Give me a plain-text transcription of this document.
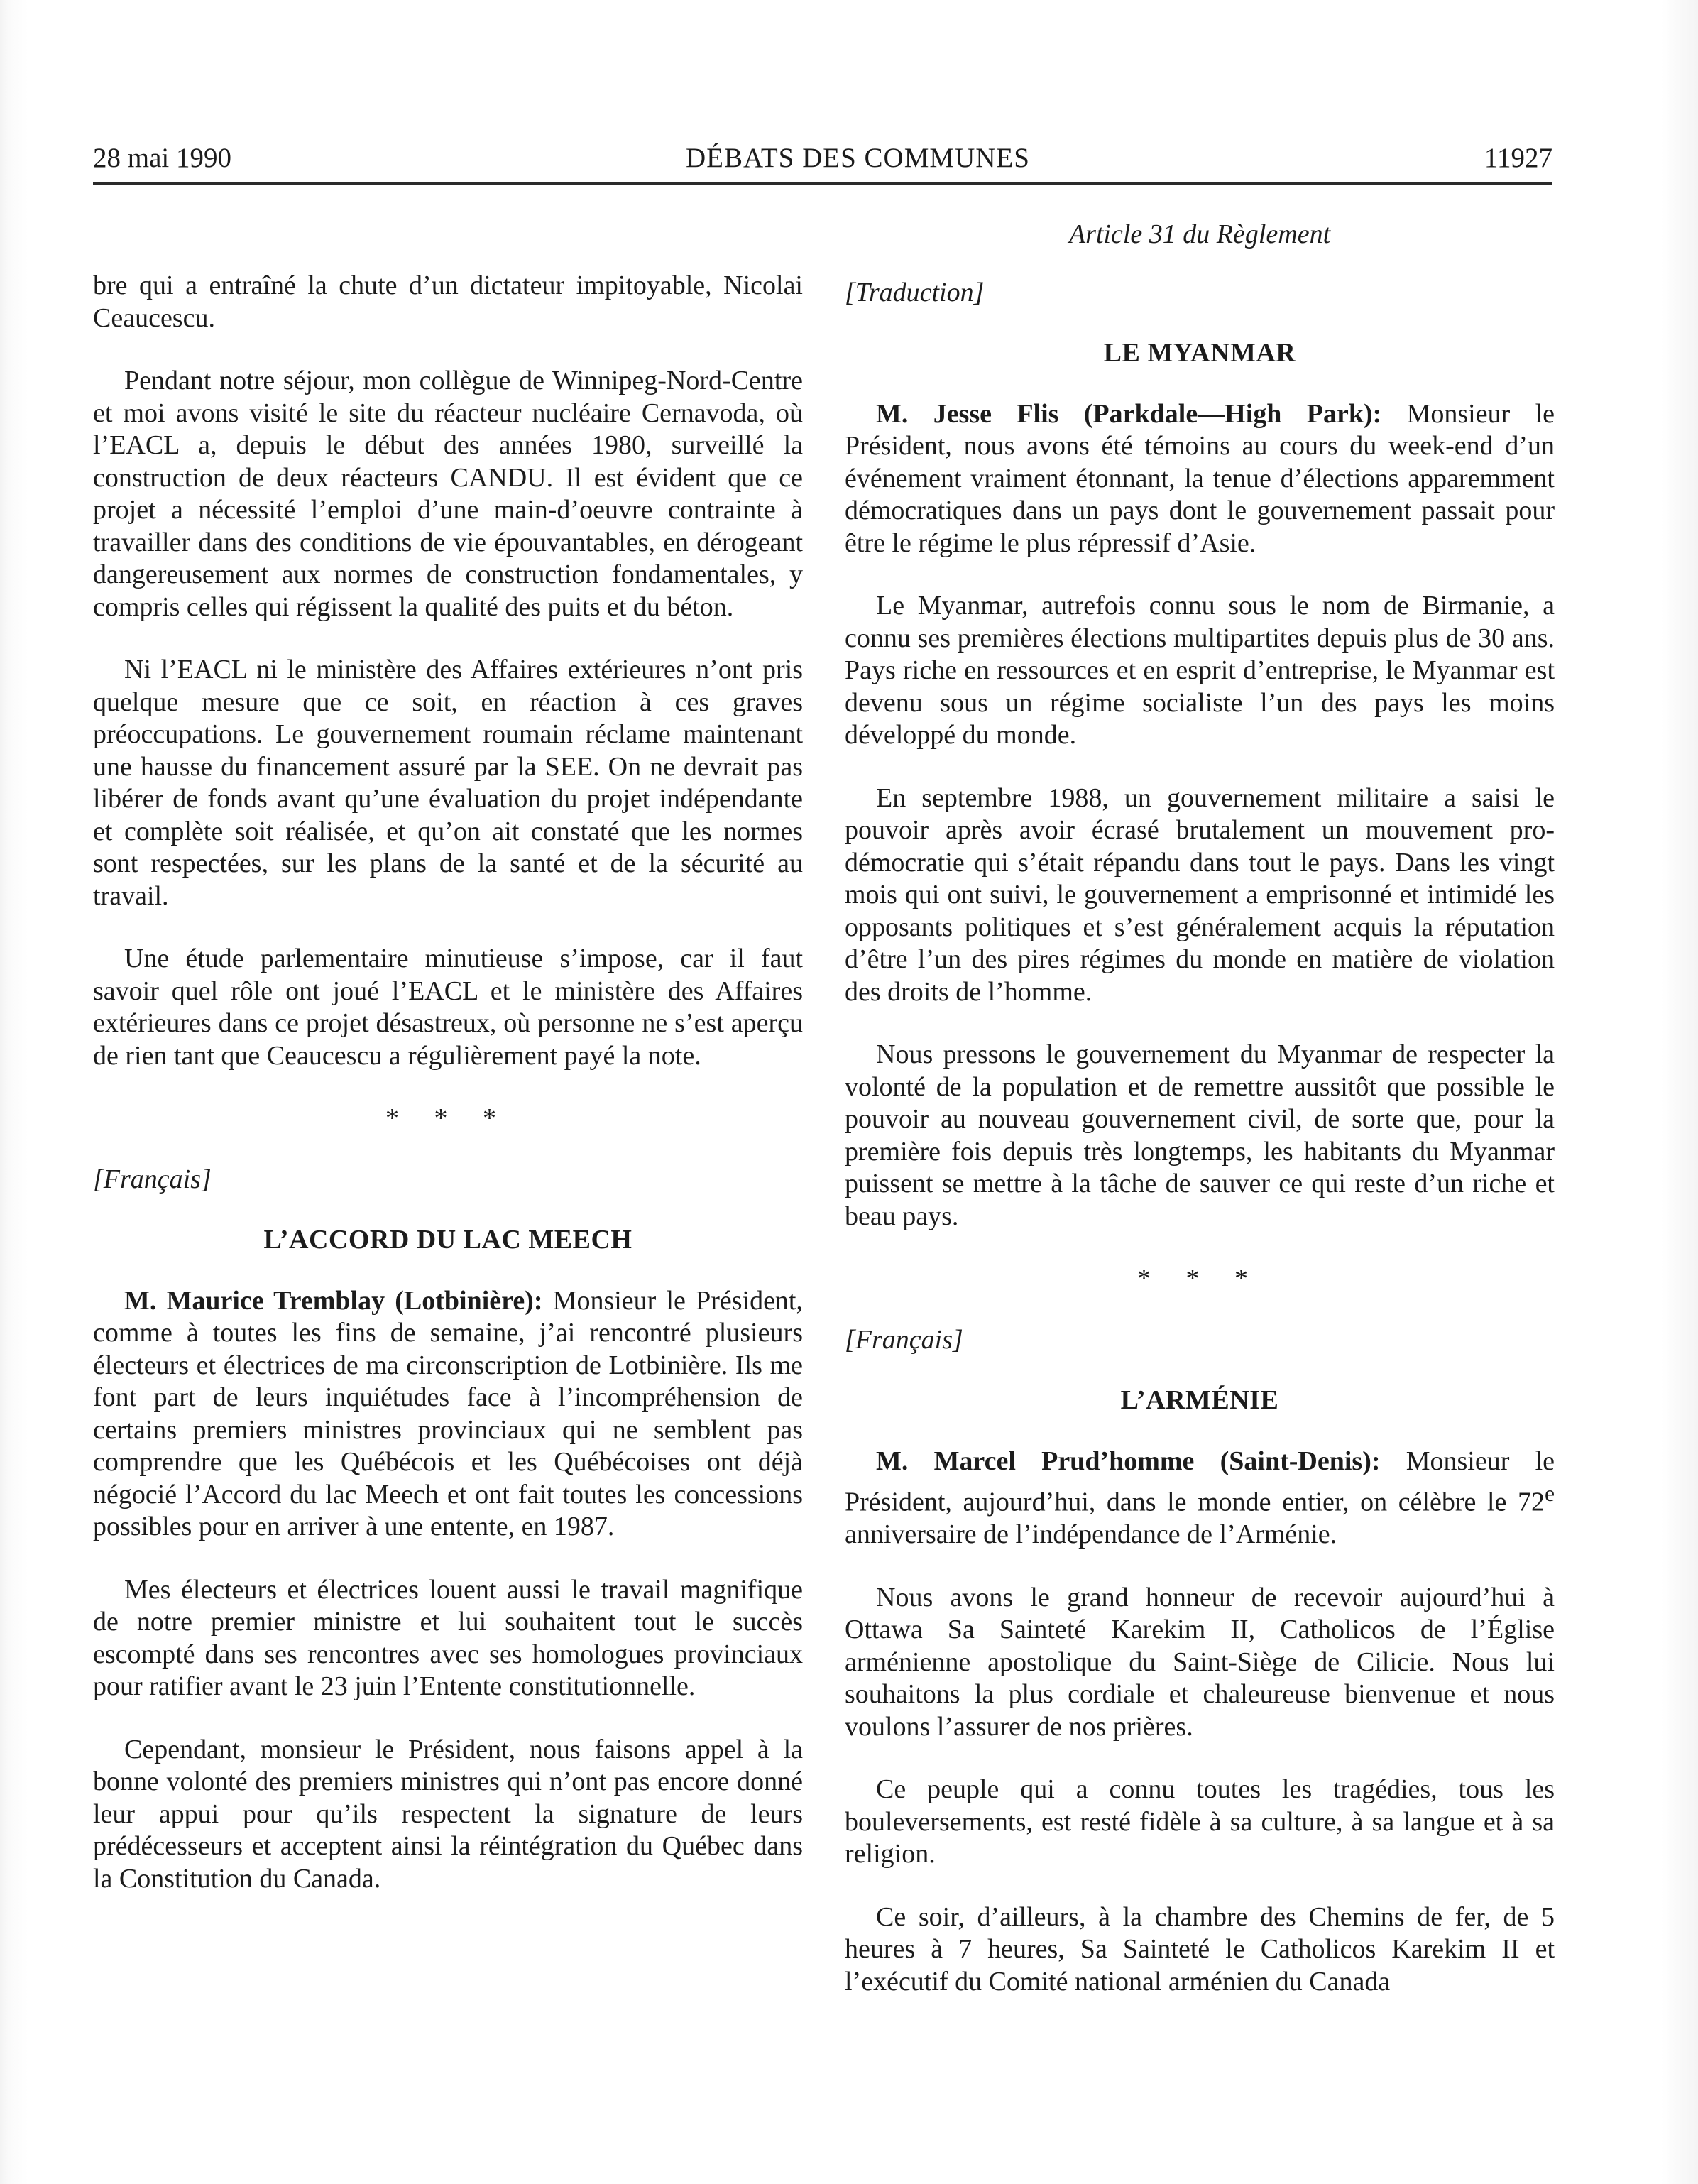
28 mai 1990	DÉBATS DES COMMUNES	11927

bre qui a entraîné la chute d’un dictateur impitoyable, Nicolai Ceaucescu.

Pendant notre séjour, mon collègue de Winnipeg-Nord-Centre et moi avons visité le site du réacteur nucléaire Cernavoda, où l’EACL a, depuis le début des années 1980, surveillé la construction de deux réacteurs CANDU. Il est évident que ce projet a nécessité l’emploi d’une main-d’oeuvre contrainte à travailler dans des conditions de vie épouvantables, en dérogeant dangereusement aux normes de construction fondamentales, y compris celles qui régissent la qualité des puits et du béton.

Ni l’EACL ni le ministère des Affaires extérieures n’ont pris quelque mesure que ce soit, en réaction à ces graves préoccupations. Le gouvernement roumain réclame maintenant une hausse du financement assuré par la SEE. On ne devrait pas libérer de fonds avant qu’une évaluation du projet indépendante et complète soit réalisée, et qu’on ait constaté que les normes sont respectées, sur les plans de la santé et de la sécurité au travail.

Une étude parlementaire minutieuse s’impose, car il faut savoir quel rôle ont joué l’EACL et le ministère des Affaires extérieures dans ce projet désastreux, où personne ne s’est aperçu de rien tant que Ceaucescu a régulièrement payé la note.

* * *
[Français]
L’ACCORD DU LAC MEECH

M. Maurice Tremblay (Lotbinière): Monsieur le Président, comme à toutes les fins de semaine, j’ai rencontré plusieurs électeurs et électrices de ma circonscription de Lotbinière. Ils me font part de leurs inquiétudes face à l’incompréhension de certains premiers ministres provinciaux qui ne semblent pas comprendre que les Québécois et les Québécoises ont déjà négocié l’Accord du lac Meech et ont fait toutes les concessions possibles pour en arriver à une entente, en 1987.

Mes électeurs et électrices louent aussi le travail magnifique de notre premier ministre et lui souhaitent tout le succès escompté dans ses rencontres avec ses homologues provinciaux pour ratifier avant le 23 juin l’Entente constitutionnelle.

Cependant, monsieur le Président, nous faisons appel à la bonne volonté des premiers ministres qui n’ont pas encore donné leur appui pour qu’ils respectent la signature de leurs prédécesseurs et acceptent ainsi la réintégration du Québec dans la Constitution du Canada.

Article 31 du Règlement
[Traduction]
LE MYANMAR

M. Jesse Flis (Parkdale—High Park): Monsieur le Président, nous avons été témoins au cours du week-end d’un événement vraiment étonnant, la tenue d’élections apparemment démocratiques dans un pays dont le gouvernement passait pour être le régime le plus répressif d’Asie.

Le Myanmar, autrefois connu sous le nom de Birmanie, a connu ses premières élections multipartites depuis plus de 30 ans. Pays riche en ressources et en esprit d’entreprise, le Myanmar est devenu sous un régime socialiste l’un des pays les moins développé du monde.

En septembre 1988, un gouvernement militaire a saisi le pouvoir après avoir écrasé brutalement un mouvement pro-démocratie qui s’était répandu dans tout le pays. Dans les vingt mois qui ont suivi, le gouvernement a emprisonné et intimidé les opposants politiques et s’est généralement acquis la réputation d’être l’un des pires régimes du monde en matière de violation des droits de l’homme.

Nous pressons le gouvernement du Myanmar de respecter la volonté de la population et de remettre aussitôt que possible le pouvoir au nouveau gouvernement civil, de sorte que, pour la première fois depuis très longtemps, les habitants du Myanmar puissent se mettre à la tâche de sauver ce qui reste d’un riche et beau pays.

* * *
[Français]
L’ARMÉNIE

M. Marcel Prud’homme (Saint-Denis): Monsieur le Président, aujourd’hui, dans le monde entier, on célèbre le 72e anniversaire de l’indépendance de l’Arménie.

Nous avons le grand honneur de recevoir aujourd’hui à Ottawa Sa Sainteté Karekim II, Catholicos de l’Église arménienne apostolique du Saint-Siège de Cilicie. Nous lui souhaitons la plus cordiale et chaleureuse bienvenue et nous voulons l’assurer de nos prières.

Ce peuple qui a connu toutes les tragédies, tous les bouleversements, est resté fidèle à sa culture, à sa langue et à sa religion.

Ce soir, d’ailleurs, à la chambre des Chemins de fer, de 5 heures à 7 heures, Sa Sainteté le Catholicos Karekim II et l’exécutif du Comité national arménien du Canada
